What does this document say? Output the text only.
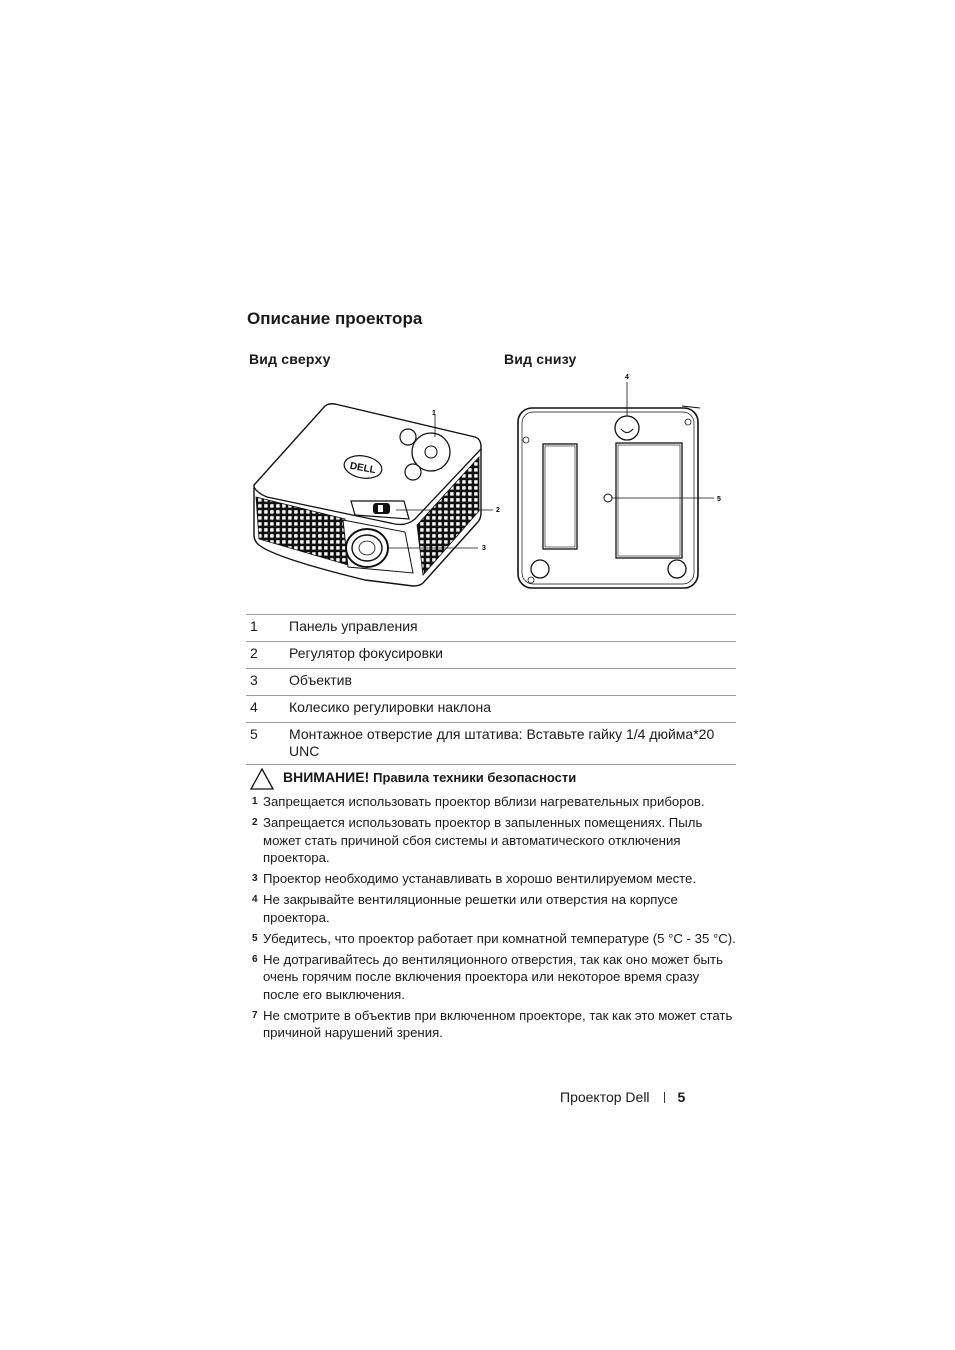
Описание проектора
Вид сверху	Вид снизу
DELL
1
2
3
4
5
1	Панель управления
2	Регулятор фокусировки
3	Объектив
4	Колесико регулировки наклона
5	Монтажное отверстие для штатива: Вставьте гайку 1/4 дюйма*20 UNC
ВНИМАНИЕ! Правила техники безопасности
1 Запрещается использовать проектор вблизи нагревательных приборов.
2 Запрещается использовать проектор в запыленных помещениях. Пыль может стать причиной сбоя системы и автоматического отключения проектора.
3 Проектор необходимо устанавливать в хорошо вентилируемом месте.
4 Не закрывайте вентиляционные решетки или отверстия на корпусе проектора.
5 Убедитесь, что проектор работает при комнатной температуре (5 °C - 35 °C).
6 Не дотрагивайтесь до вентиляционного отверстия, так как оно может быть очень горячим после включения проектора или некоторое время сразу после его выключения.
7 Не смотрите в объектив при включенном проекторе, так как это может стать причиной нарушений зрения.
Проектор Dell 5
